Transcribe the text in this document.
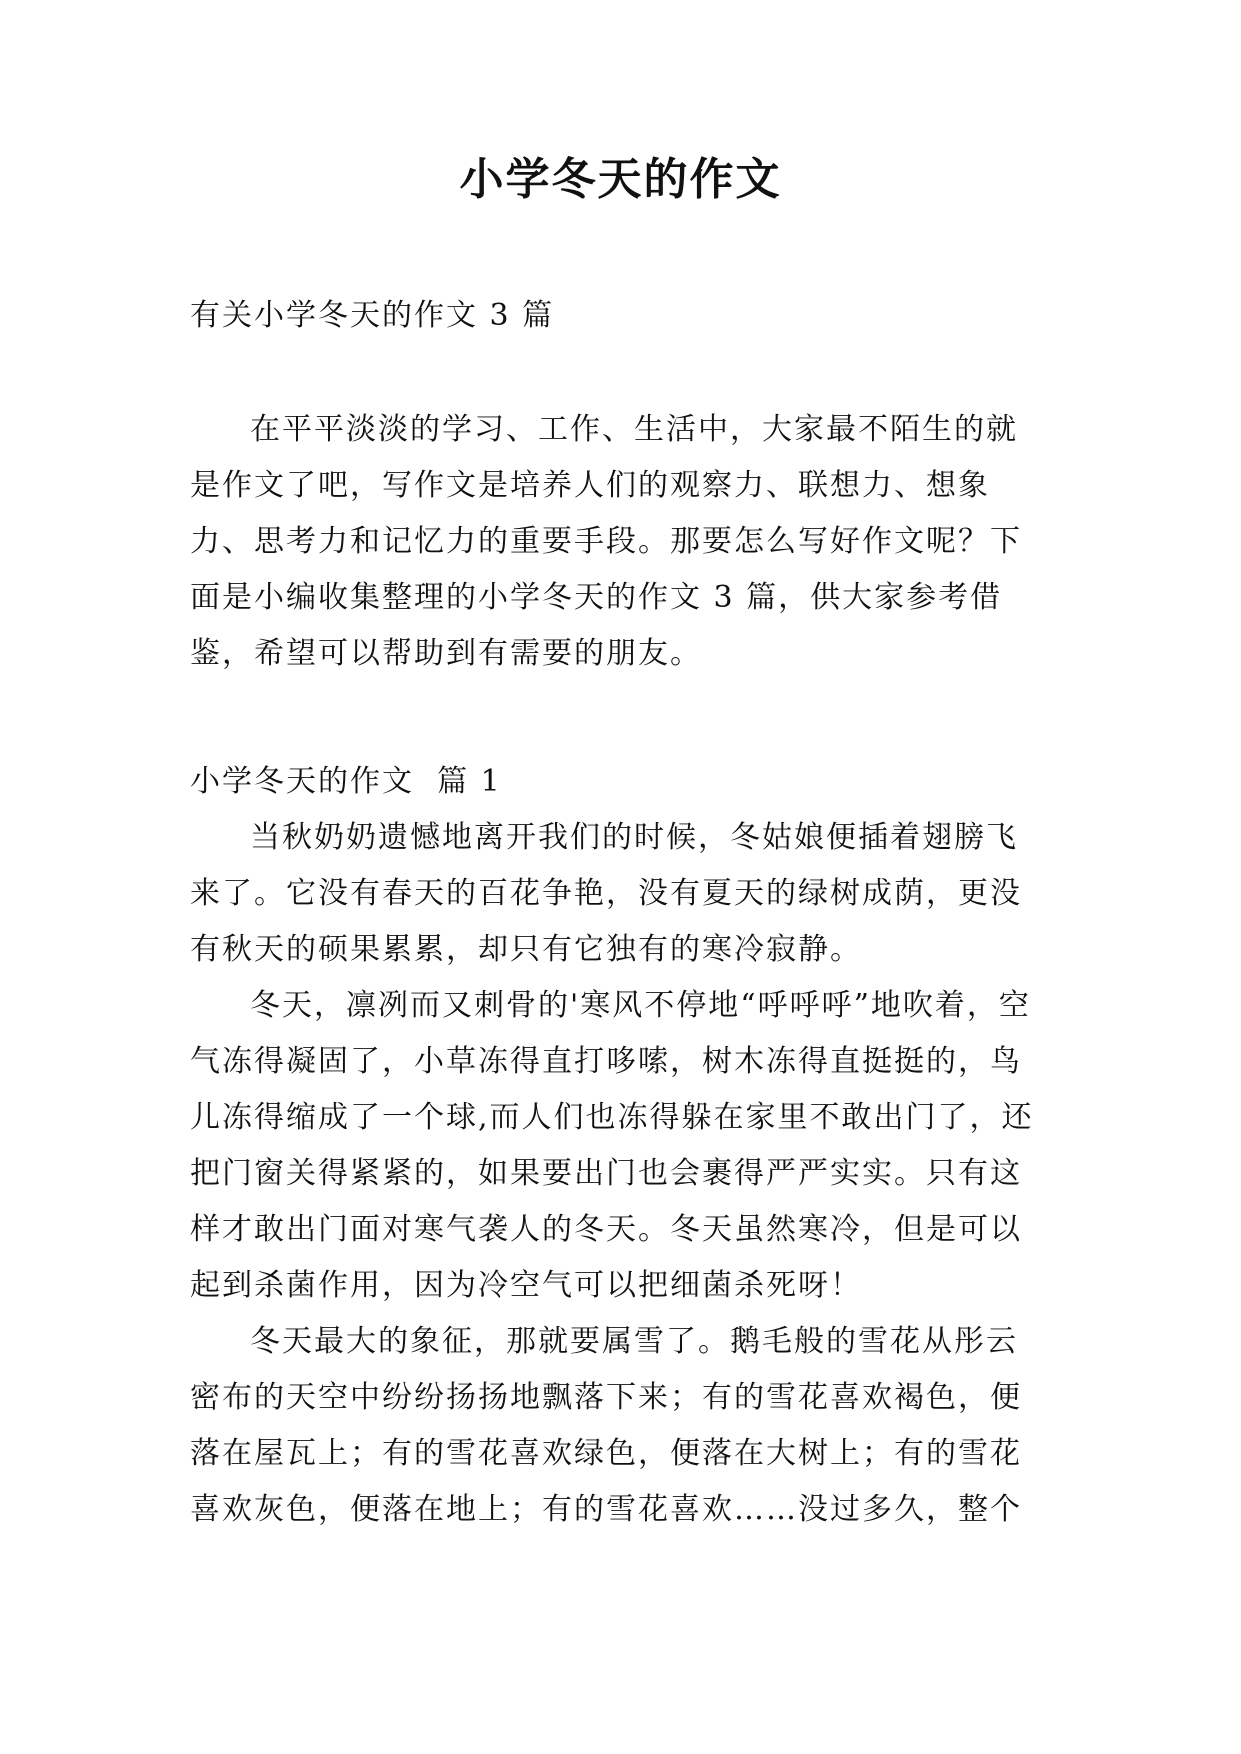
小学冬天的作文

有关小学冬天的作文 3 篇

在平平淡淡的学习、工作、生活中，大家最不陌生的就是作文了吧，写作文是培养人们的观察力、联想力、想象力、思考力和记忆力的重要手段。那要怎么写好作文呢？下面是小编收集整理的小学冬天的作文 3 篇，供大家参考借鉴，希望可以帮助到有需要的朋友。

小学冬天的作文  篇 1

当秋奶奶遗憾地离开我们的时候，冬姑娘便插着翅膀飞来了。它没有春天的百花争艳，没有夏天的绿树成荫，更没有秋天的硕果累累，却只有它独有的寒冷寂静。

冬天，凛冽而又刺骨的'寒风不停地“呼呼呼”地吹着，空气冻得凝固了，小草冻得直打哆嗦，树木冻得直挺挺的，鸟儿冻得缩成了一个球,而人们也冻得躲在家里不敢出门了，还把门窗关得紧紧的，如果要出门也会裹得严严实实。只有这样才敢出门面对寒气袭人的冬天。冬天虽然寒冷，但是可以起到杀菌作用，因为冷空气可以把细菌杀死呀！

冬天最大的象征，那就要属雪了。鹅毛般的雪花从彤云密布的天空中纷纷扬扬地飘落下来；有的雪花喜欢褐色，便落在屋瓦上；有的雪花喜欢绿色，便落在大树上；有的雪花喜欢灰色，便落在地上；有的雪花喜欢……没过多久，整个
